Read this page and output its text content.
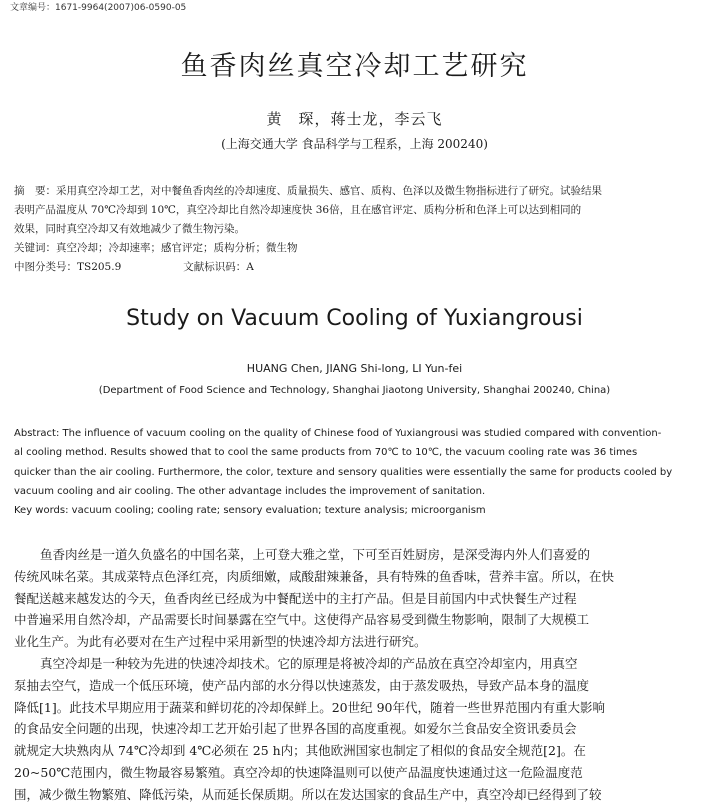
文章编号：1671-9964(2007)06-0590-05
鱼香肉丝真空冷却工艺研究
黄　琛，蒋士龙，李云飞
(上海交通大学 食品科学与工程系，上海 200240)
摘　要：采用真空冷却工艺，对中餐鱼香肉丝的冷却速度、质量损失、感官、质构、色泽以及微生物指标进行了研究。试验结果
表明产品温度从 70℃冷却到 10℃，真空冷却比自然冷却速度快 36倍，且在感官评定、质构分析和色泽上可以达到相同的
效果，同时真空冷却又有效地减少了微生物污染。
关键词：真空冷却；冷却速率；感官评定；质构分析；微生物
中图分类号：TS205.9	文献标识码：A
Study on Vacuum Cooling of Yuxiangrousi
HUANG Chen, JIANG Shi-long, LI Yun-fei
(Department of Food Science and Technology, Shanghai Jiaotong University, Shanghai 200240, China)
Abstract: The influence of vacuum cooling on the quality of Chinese food of Yuxiangrousi was studied compared with convention-
al cooling method. Results showed that to cool the same products from 70℃ to 10℃, the vacuum cooling rate was 36 times
quicker than the air cooling. Furthermore, the color, texture and sensory qualities were essentially the same for products cooled by
vacuum cooling and air cooling. The other advantage includes the improvement of sanitation.
Key words: vacuum cooling; cooling rate; sensory evaluation; texture analysis; microorganism
鱼香肉丝是一道久负盛名的中国名菜，上可登大雅之堂，下可至百姓厨房，是深受海内外人们喜爱的
传统风味名菜。其成菜特点色泽红亮，肉质细嫩，咸酸甜辣兼备，具有特殊的鱼香味，营养丰富。所以，在快
餐配送越来越发达的今天，鱼香肉丝已经成为中餐配送中的主打产品。但是目前国内中式快餐生产过程
中普遍采用自然冷却，产品需要长时间暴露在空气中。这使得产品容易受到微生物影响，限制了大规模工
业化生产。为此有必要对在生产过程中采用新型的快速冷却方法进行研究。
真空冷却是一种较为先进的快速冷却技术。它的原理是将被冷却的产品放在真空冷却室内，用真空
泵抽去空气，造成一个低压环境，使产品内部的水分得以快速蒸发，由于蒸发吸热，导致产品本身的温度
降低[1]。此技术早期应用于蔬菜和鲜切花的冷却保鲜上。20世纪 90年代，随着一些世界范围内有重大影响
的食品安全问题的出现，快速冷却工艺开始引起了世界各国的高度重视。如爱尔兰食品安全资讯委员会
就规定大块熟肉从 74℃冷却到 4℃必须在 25 h内；其他欧洲国家也制定了相似的食品安全规范[2]。在
20~50℃范围内，微生物最容易繁殖。真空冷却的快速降温则可以使产品温度快速通过这一危险温度范
围，减少微生物繁殖、降低污染，从而延长保质期。所以在发达国家的食品生产中，真空冷却已经得到了较
